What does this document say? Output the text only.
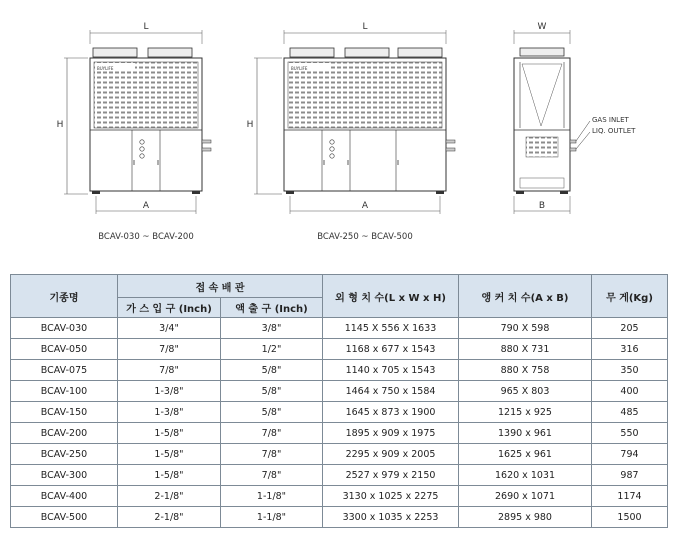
BUYLIFE
L
H
A
BCAV-030 ~ BCAV-200
BUYLIFE
L
H
A
BCAV-250 ~ BCAV-500
W
B
GAS INLET
LIQ. OUTLET
기종명	접 속 배 관		외 형 치 수(L x W x H)	앵 커 치 수(A x B)	무 게(Kg)
	가 스 입 구 (Inch)	액 출 구 (Inch)			
BCAV-030	3/4"	3/8"	1145 X 556 X 1633	790 X 598	205
BCAV-050	7/8"	1/2"	1168 x 677 x 1543	880 X 731	316
BCAV-075	7/8"	5/8"	1140 x 705 x 1543	880 X 758	350
BCAV-100	1-3/8"	5/8"	1464 x 750 x 1584	965 X 803	400
BCAV-150	1-3/8"	5/8"	1645 x 873 x 1900	1215 x 925	485
BCAV-200	1-5/8"	7/8"	1895 x 909 x 1975	1390 x 961	550
BCAV-250	1-5/8"	7/8"	2295 x 909 x 2005	1625 x 961	794
BCAV-300	1-5/8"	7/8"	2527 x 979 x 2150	1620 x 1031	987
BCAV-400	2-1/8"	1-1/8"	3130 x 1025 x 2275	2690 x 1071	1174
BCAV-500	2-1/8"	1-1/8"	3300 x 1035 x 2253	2895 x 980	1500
